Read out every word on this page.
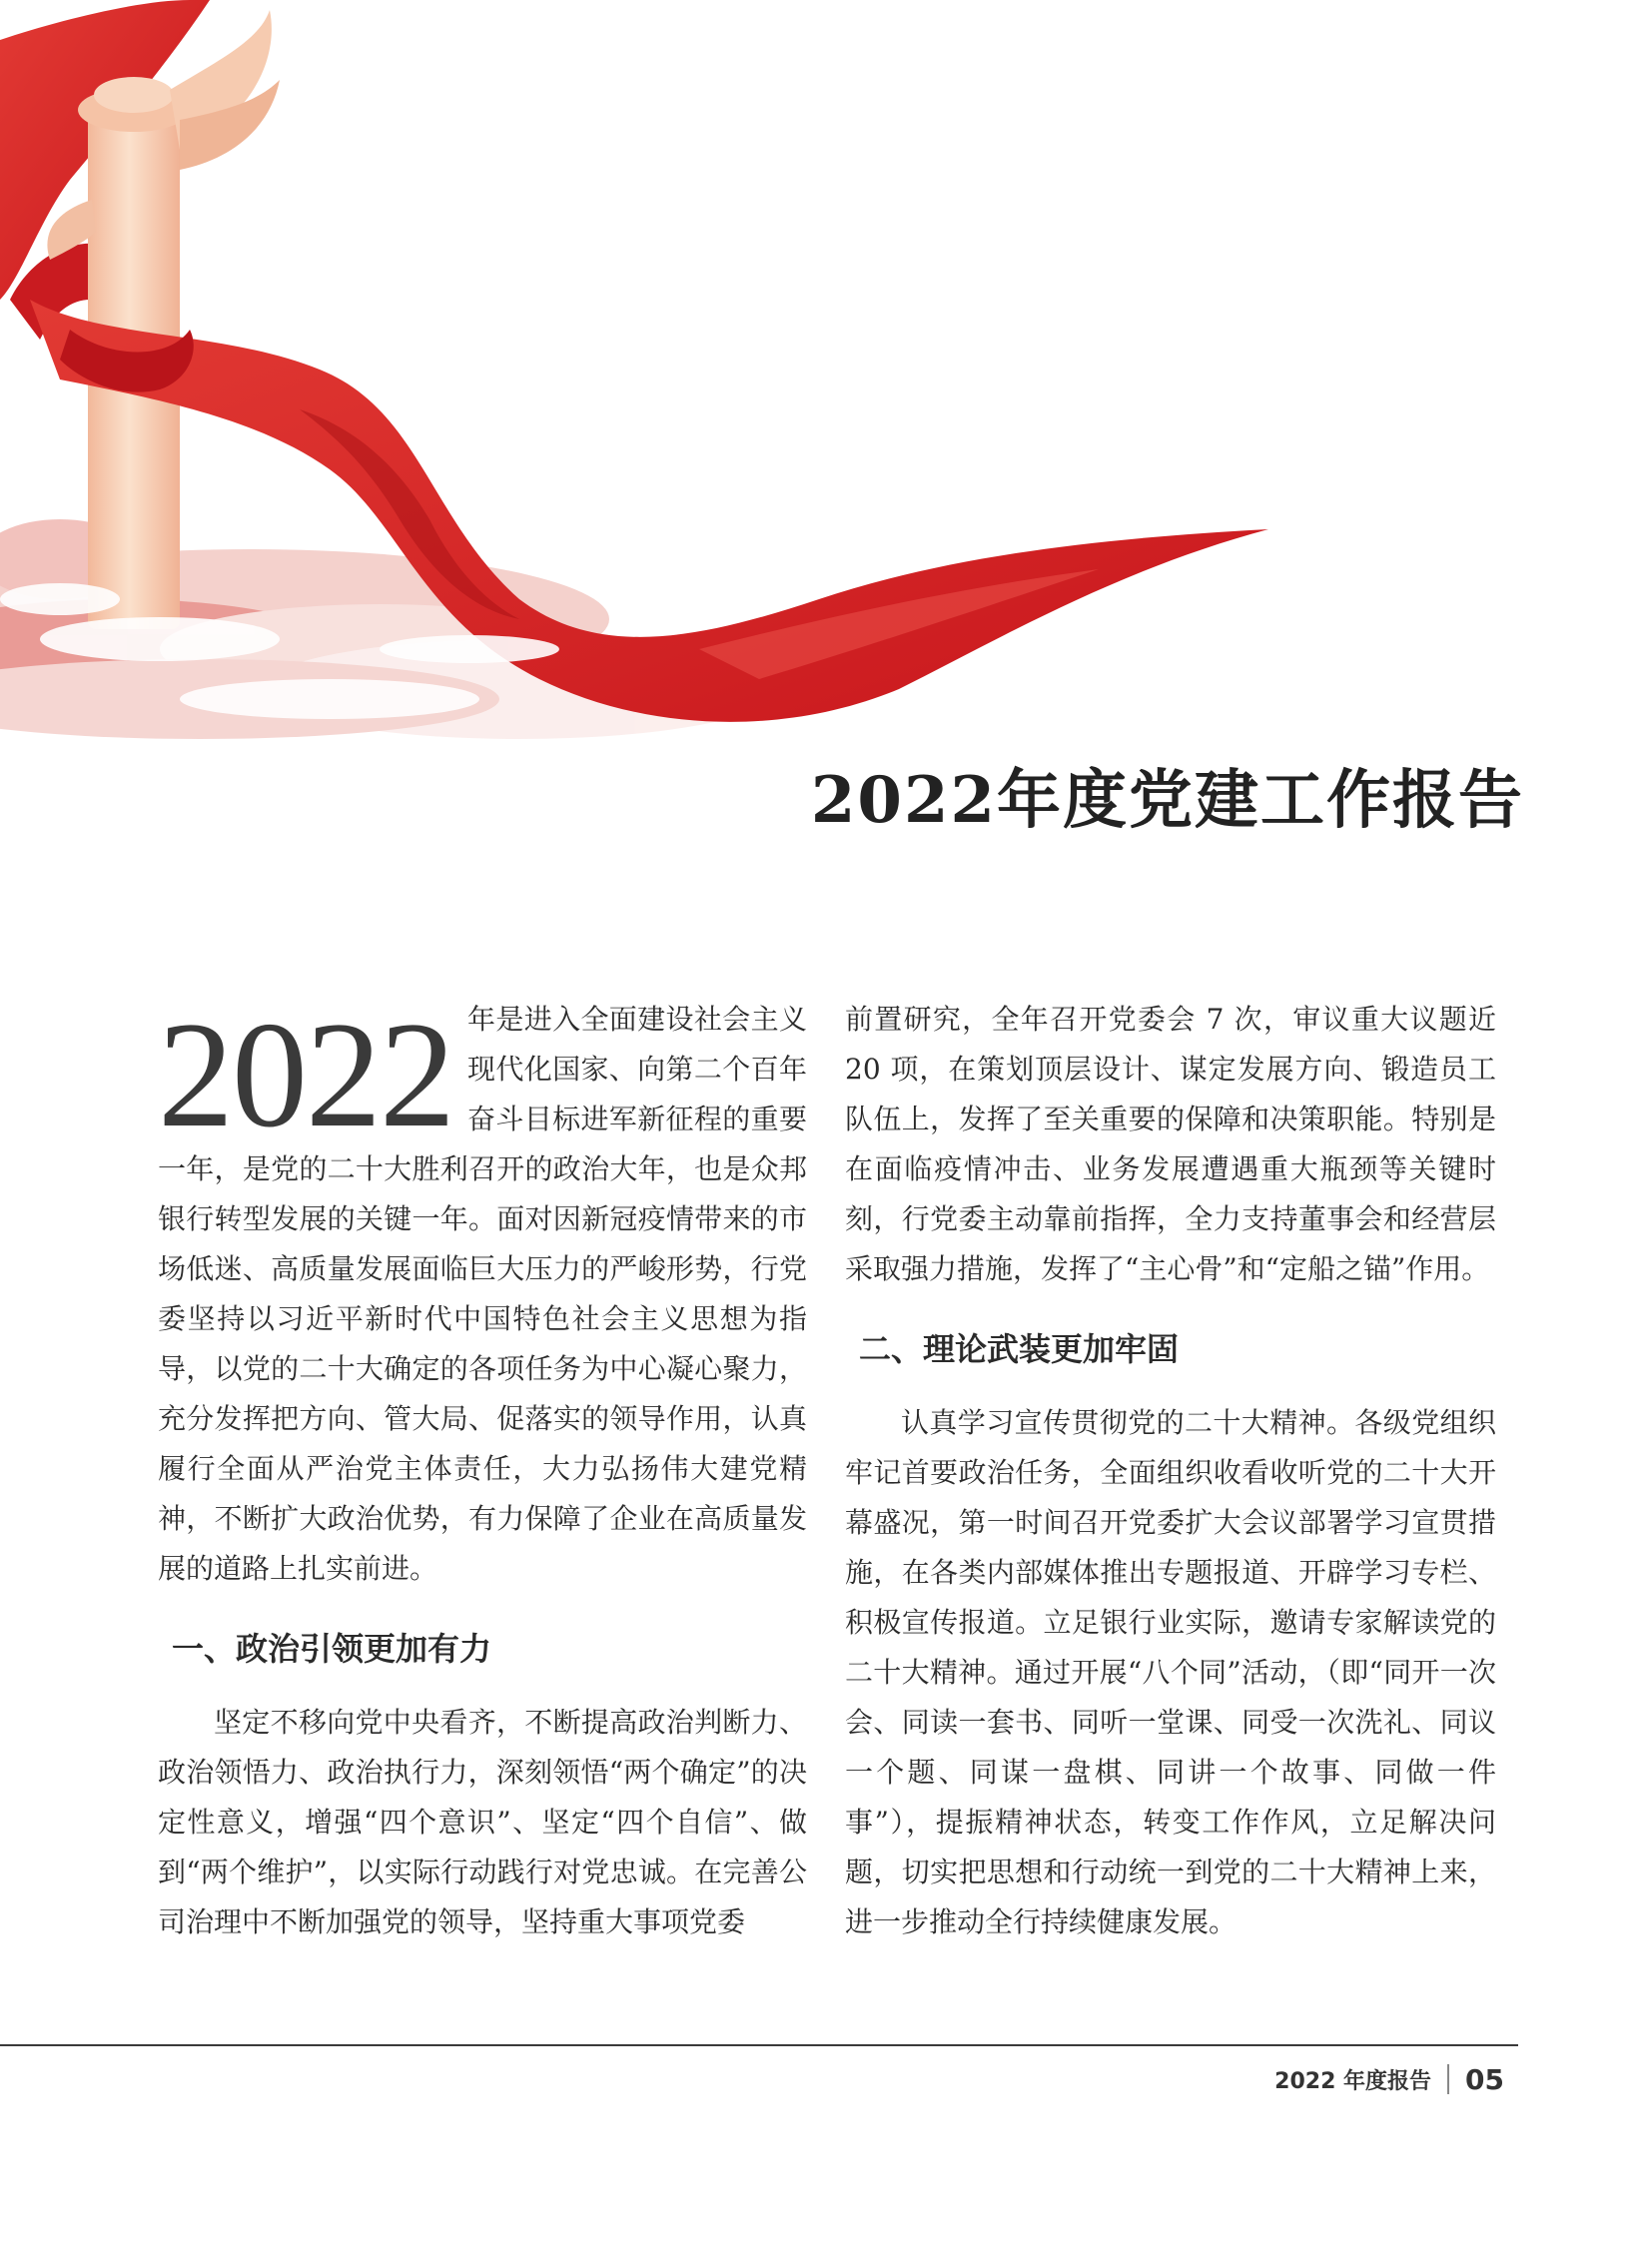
2022年度党建工作报告

2022 年是进入全面建设社会主义现代化国家、向第二个百年奋斗目标进军新征程的重要一年，是党的二十大胜利召开的政治大年，也是众邦银行转型发展的关键一年。面对因新冠疫情带来的市场低迷、高质量发展面临巨大压力的严峻形势，行党委坚持以习近平新时代中国特色社会主义思想为指导，以党的二十大确定的各项任务为中心凝心聚力，充分发挥把方向、管大局、促落实的领导作用，认真履行全面从严治党主体责任，大力弘扬伟大建党精神，不断扩大政治优势，有力保障了企业在高质量发展的道路上扎实前进。

一、政治引领更加有力

坚定不移向党中央看齐，不断提高政治判断力、政治领悟力、政治执行力，深刻领悟“两个确定”的决定性意义，增强“四个意识”、坚定“四个自信”、做到“两个维护”，以实际行动践行对党忠诚。在完善公司治理中不断加强党的领导，坚持重大事项党委

前置研究，全年召开党委会 7 次，审议重大议题近 20 项，在策划顶层设计、谋定发展方向、锻造员工队伍上，发挥了至关重要的保障和决策职能。特别是在面临疫情冲击、业务发展遭遇重大瓶颈等关键时刻，行党委主动靠前指挥，全力支持董事会和经营层采取强力措施，发挥了“主心骨”和“定船之锚”作用。

二、理论武装更加牢固

认真学习宣传贯彻党的二十大精神。各级党组织牢记首要政治任务，全面组织收看收听党的二十大开幕盛况，第一时间召开党委扩大会议部署学习宣贯措施，在各类内部媒体推出专题报道、开辟学习专栏、积极宣传报道。立足银行业实际，邀请专家解读党的二十大精神。通过开展“八个同”活动，（即“同开一次会、同读一套书、同听一堂课、同受一次洗礼、同议一个题、同谋一盘棋、同讲一个故事、同做一件事”），提振精神状态，转变工作作风，立足解决问题，切实把思想和行动统一到党的二十大精神上来，进一步推动全行持续健康发展。

2022 年度报告 05
